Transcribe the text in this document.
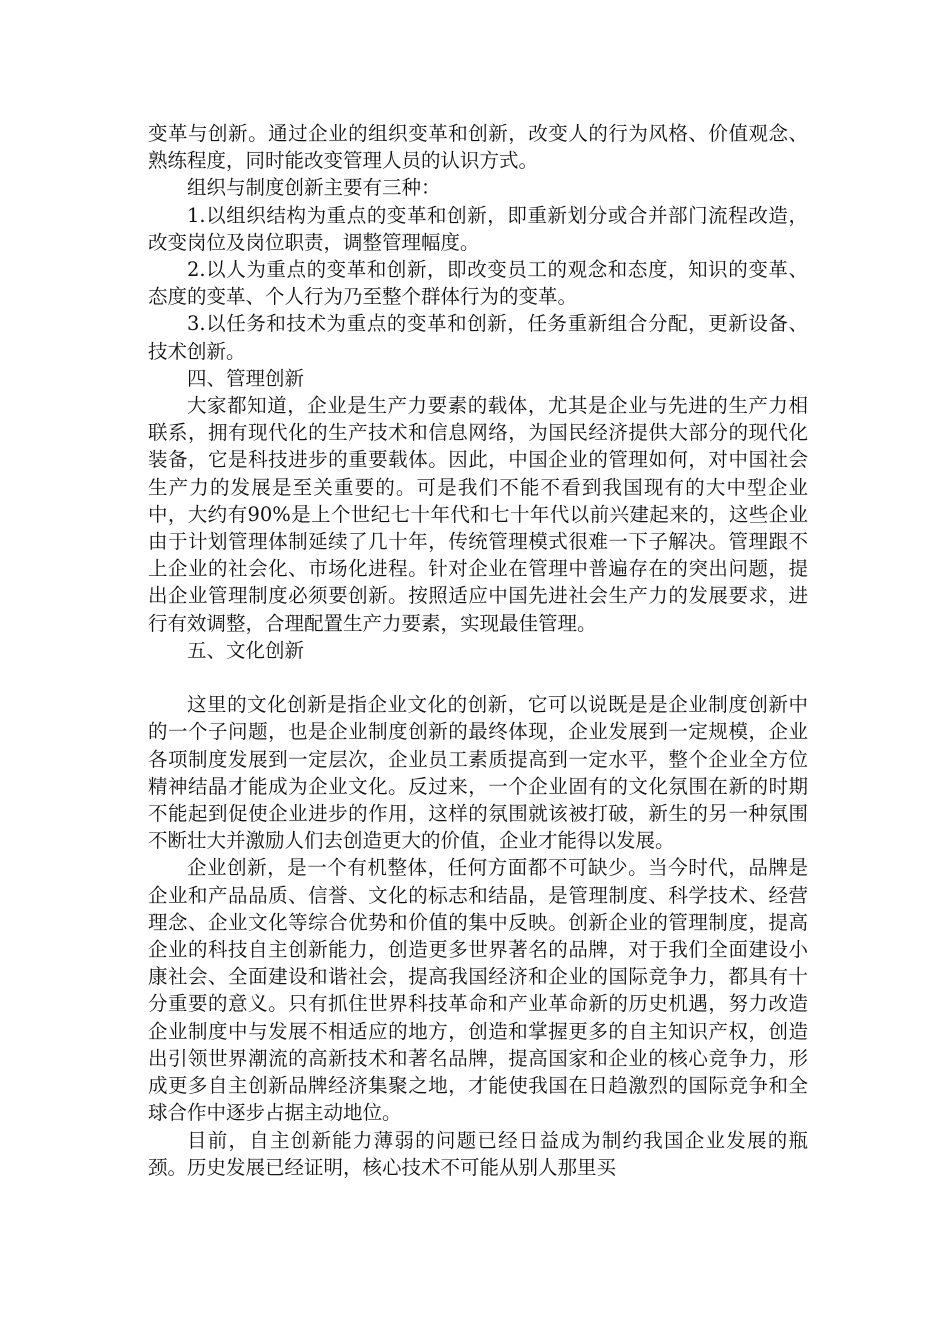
变革与创新。通过企业的组织变革和创新，改变人的行为风格、价值观念、熟练程度，同时能改变管理人员的认识方式。

组织与制度创新主要有三种：

1.以组织结构为重点的变革和创新，即重新划分或合并部门流程改造，改变岗位及岗位职责，调整管理幅度。

2.以人为重点的变革和创新，即改变员工的观念和态度，知识的变革、态度的变革、个人行为乃至整个群体行为的变革。

3.以任务和技术为重点的变革和创新，任务重新组合分配，更新设备、技术创新。

四、管理创新

大家都知道，企业是生产力要素的载体，尤其是企业与先进的生产力相联系，拥有现代化的生产技术和信息网络，为国民经济提供大部分的现代化装备，它是科技进步的重要载体。因此，中国企业的管理如何，对中国社会生产力的发展是至关重要的。可是我们不能不看到我国现有的大中型企业中，大约有90%是上个世纪七十年代和七十年代以前兴建起来的，这些企业由于计划管理体制延续了几十年，传统管理模式很难一下子解决。管理跟不上企业的社会化、市场化进程。针对企业在管理中普遍存在的突出问题，提出企业管理制度必须要创新。按照适应中国先进社会生产力的发展要求，进行有效调整，合理配置生产力要素，实现最佳管理。

五、文化创新

这里的文化创新是指企业文化的创新，它可以说既是是企业制度创新中的一个子问题，也是企业制度创新的最终体现，企业发展到一定规模，企业各项制度发展到一定层次，企业员工素质提高到一定水平，整个企业全方位精神结晶才能成为企业文化。反过来，一个企业固有的文化氛围在新的时期不能起到促使企业进步的作用，这样的氛围就该被打破，新生的另一种氛围不断壮大并激励人们去创造更大的价值，企业才能得以发展。

企业创新，是一个有机整体，任何方面都不可缺少。当今时代，品牌是企业和产品品质、信誉、文化的标志和结晶，是管理制度、科学技术、经营理念、企业文化等综合优势和价值的集中反映。创新企业的管理制度，提高企业的科技自主创新能力，创造更多世界著名的品牌，对于我们全面建设小康社会、全面建设和谐社会，提高我国经济和企业的国际竞争力，都具有十分重要的意义。只有抓住世界科技革命和产业革命新的历史机遇，努力改造企业制度中与发展不相适应的地方，创造和掌握更多的自主知识产权，创造出引领世界潮流的高新技术和著名品牌，提高国家和企业的核心竞争力，形成更多自主创新品牌经济集聚之地，才能使我国在日趋激烈的国际竞争和全球合作中逐步占据主动地位。

目前，自主创新能力薄弱的问题已经日益成为制约我国企业发展的瓶颈。历史发展已经证明，核心技术不可能从别人那里买
